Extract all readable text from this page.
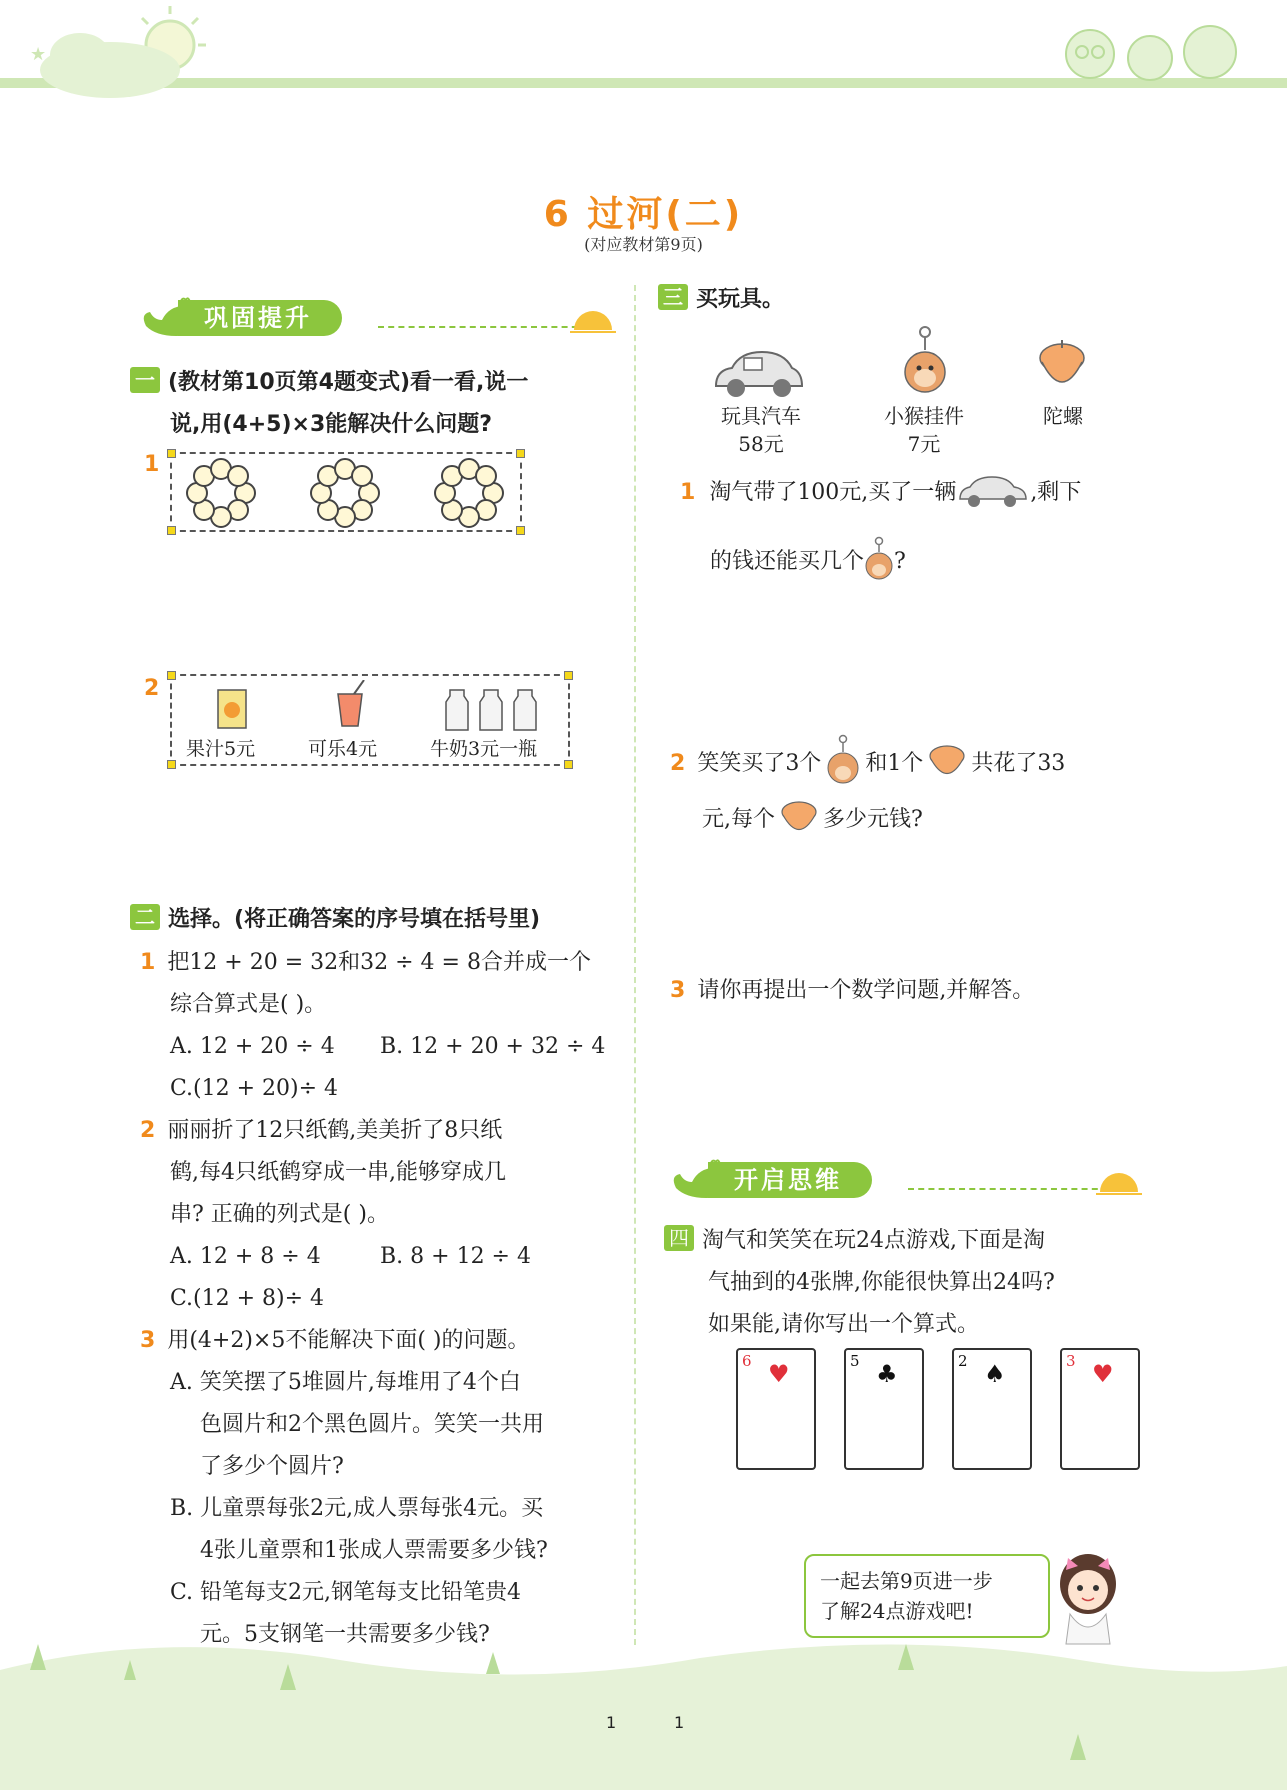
★
6 过河(二)
(对应教材第9页)
巩固提升
一 (教材第10页第4题变式)看一看,说一
说,用(4+5)×3能解决什么问题?
1
2
果汁5元	可乐4元	牛奶3元一瓶
二 选择。(将正确答案的序号填在括号里)
1 把12 + 20 = 32和32 ÷ 4 = 8合并成一个
综合算式是( )。
A. 12 + 20 ÷ 4 B. 12 + 20 + 32 ÷ 4
C.(12 + 20)÷ 4
2 丽丽折了12只纸鹤,美美折了8只纸
鹤,每4只纸鹤穿成一串,能够穿成几
串? 正确的列式是( )。
A. 12 + 8 ÷ 4	B. 8 + 12 ÷ 4
C.(12 + 8)÷ 4
3 用(4+2)×5不能解决下面( )的问题。
A. 笑笑摆了5堆圆片,每堆用了4个白
色圆片和2个黑色圆片。笑笑一共用
了多少个圆片?
B. 儿童票每张2元,成人票每张4元。买
4张儿童票和1张成人票需要多少钱?
C. 铅笔每支2元,钢笔每支比铅笔贵4
元。5支钢笔一共需要多少钱?
三 买玩具。
玩具汽车
58元
小猴挂件
7元
陀螺
1 淘气带了100元,买了一辆	,剩下
的钱还能买几个 ?
2 笑笑买了3个 和1个 共花了33
元,每个 多少元钱?
3 请你再提出一个数学问题,并解答。
开启思维
四 淘气和笑笑在玩24点游戏,下面是淘
气抽到的4张牌,你能很快算出24吗?
如果能,请你写出一个算式。
6 ♥	5 ♣	2 ♠	3 ♥
一起去第9页进一步
了解24点游戏吧!
1	1
